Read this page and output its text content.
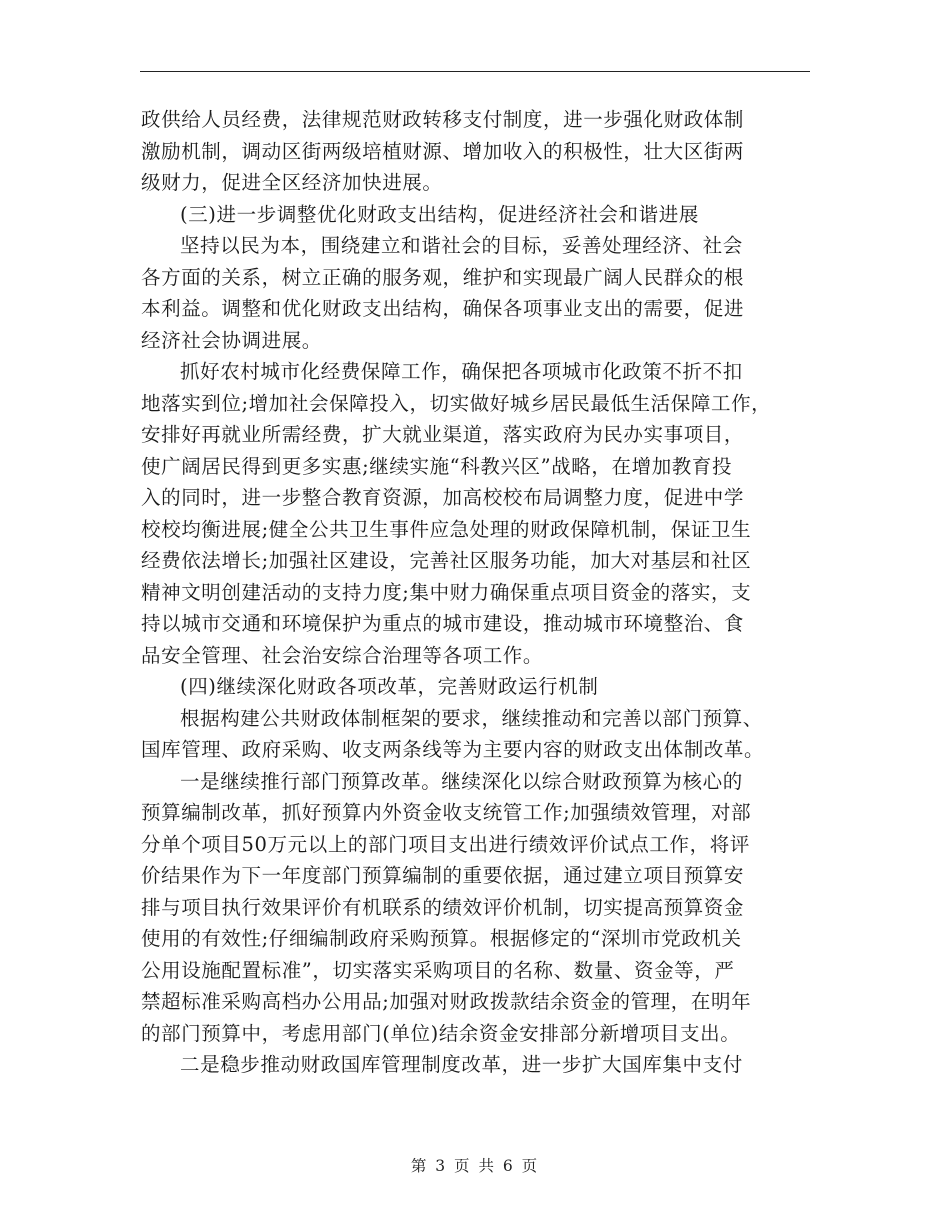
政供给人员经费，法律规范财政转移支付制度，进一步强化财政体制
激励机制，调动区街两级培植财源、增加收入的积极性，壮大区街两
级财力，促进全区经济加快进展。
(三)进一步调整优化财政支出结构，促进经济社会和谐进展
坚持以民为本，围绕建立和谐社会的目标，妥善处理经济、社会
各方面的关系，树立正确的服务观，维护和实现最广阔人民群众的根
本利益。调整和优化财政支出结构，确保各项事业支出的需要，促进
经济社会协调进展。
抓好农村城市化经费保障工作，确保把各项城市化政策不折不扣
地落实到位;增加社会保障投入，切实做好城乡居民最低生活保障工作，
安排好再就业所需经费，扩大就业渠道，落实政府为民办实事项目，
使广阔居民得到更多实惠;继续实施“科教兴区”战略，在增加教育投
入的同时，进一步整合教育资源，加高校校布局调整力度，促进中学
校校均衡进展;健全公共卫生事件应急处理的财政保障机制，保证卫生
经费依法增长;加强社区建设，完善社区服务功能，加大对基层和社区
精神文明创建活动的支持力度;集中财力确保重点项目资金的落实，支
持以城市交通和环境保护为重点的城市建设，推动城市环境整治、食
品安全管理、社会治安综合治理等各项工作。
(四)继续深化财政各项改革，完善财政运行机制
根据构建公共财政体制框架的要求，继续推动和完善以部门预算、
国库管理、政府采购、收支两条线等为主要内容的财政支出体制改革。
一是继续推行部门预算改革。继续深化以综合财政预算为核心的
预算编制改革，抓好预算内外资金收支统管工作;加强绩效管理，对部
分单个项目50万元以上的部门项目支出进行绩效评价试点工作，将评
价结果作为下一年度部门预算编制的重要依据，通过建立项目预算安
排与项目执行效果评价有机联系的绩效评价机制，切实提高预算资金
使用的有效性;仔细编制政府采购预算。根据修定的“深圳市党政机关
公用设施配置标准”，切实落实采购项目的名称、数量、资金等，严
禁超标准采购高档办公用品;加强对财政拨款结余资金的管理，在明年
的部门预算中，考虑用部门(单位)结余资金安排部分新增项目支出。
二是稳步推动财政国库管理制度改革，进一步扩大国库集中支付
第 3 页 共 6 页
